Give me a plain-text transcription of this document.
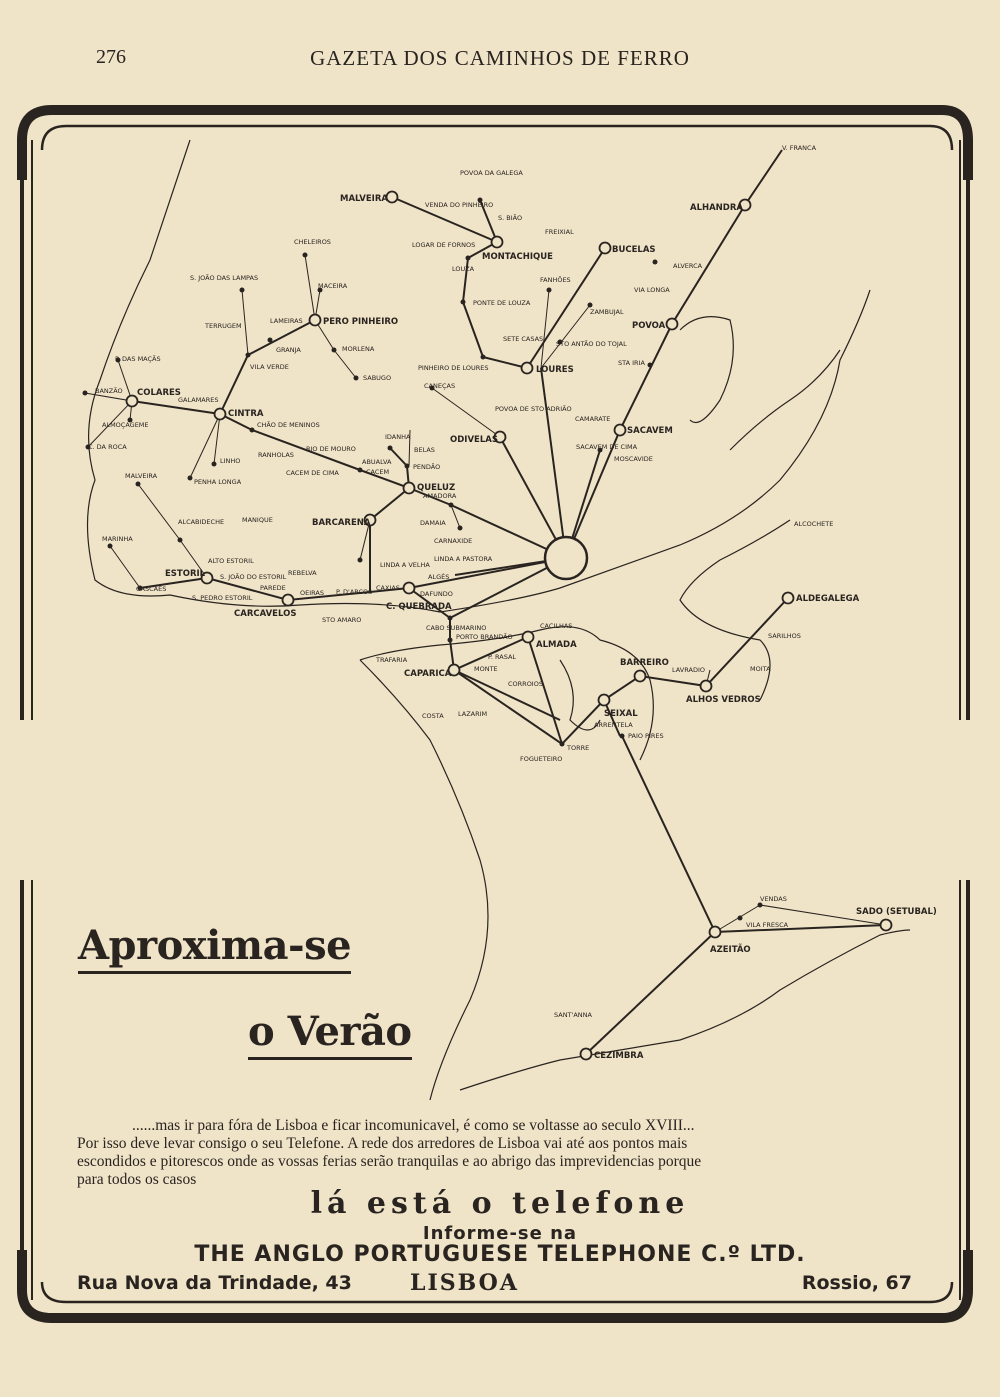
276	GAZETA DOS CAMINHOS DE FERRO
MALVEIRA
MONTACHIQUE
BUCELAS
ALHANDRA
POVOA
LOURES
PERO PINHEIRO
COLARES
CINTRA
ODIVELAS
SACAVEM
QUELUZ
BARCARENA
ESTORIL
CARCAVELOS
C. QUEBRADA
ALMADA
CAPARICA
BARREIRO
ALHOS VEDROS
SEIXAL
ALDEGALEGA
AZEITÃO
CEZIMBRA
SADO (SETUBAL)
V. FRANCA
POVOA DA GALEGA
VENDA DO PINHEIRO
S. BIÃO
LOGAR DE FORNOS
LOUZA
FREIXIAL
FANHÕES
PONTE DE LOUZA
ZAMBUJAL
SETE CASAS
STO ANTÃO DO TOJAL
PINHEIRO DE LOURES
ALVERCA
VIA LONGA
STA IRIA
CHELEIROS
S. JOÃO DAS LAMPAS
MACEIRA
LAMEIRAS
TERRUGEM
GRANJA	MORLENA
VILA VERDE
SABUGO
P. DAS MAÇÃS
BANZÃO
GALAMARES
ALMOÇAGEME
C. DA ROCA
CHÃO DE MENINOS
RIO DE MOURO
RANHOLAS
LINHO
PENHA LONGA
CACEM DE CIMA	CACEM
ABUALVA
IDANHA
BELAS
PENDÃO
CANEÇAS
POVOA DE STO ADRIÃO
CAMARATE
SACAVEM DE CIMA
MOSCAVIDE
AMADORA
DAMAIA
CARNAXIDE
MALVEIRA
ALCABIDECHE	MANIQUE
MARINHA
ALTO ESTORIL
S. JOÃO DO ESTORIL
S. PEDRO ESTORIL
CASCAES
REBELVA
PAREDE
OEIRAS P. D'ARCOS
STO AMARO
LINDA A VELHA
LINDA A PASTORA
ALGÉS
DAFUNDO
CAXIAS
CABO SUBMARINO
PORTO BRANDÃO
CACILHAS
TRAFARIA
MONTE
P. RASAL
CORROIOS
COSTA LAZARIM
TORRE
FOGUETEIRO
ARRENTELA
PAIO PIRES
LAVRADIO	MOITA
SARILHOS
ALCOCHETE
VENDAS
VILA FRESCA
SANT'ANNA
Aproxima-se
o Verão
......mas ir para fóra de Lisboa e ficar incomunicavel, é como se voltasse ao seculo XVIII...
Por isso deve levar consigo o seu Telefone. A rede dos arredores de Lisboa vai até aos pontos mais
escondidos e pitorescos onde as vossas ferias serão tranquilas e ao abrigo das imprevidencias porque
para todos os casos
lá está o telefone
Informe-se na
THE ANGLO PORTUGUESE TELEPHONE C.º LTD.
Rua Nova da Trindade, 43	LISBOA	Rossio, 67
